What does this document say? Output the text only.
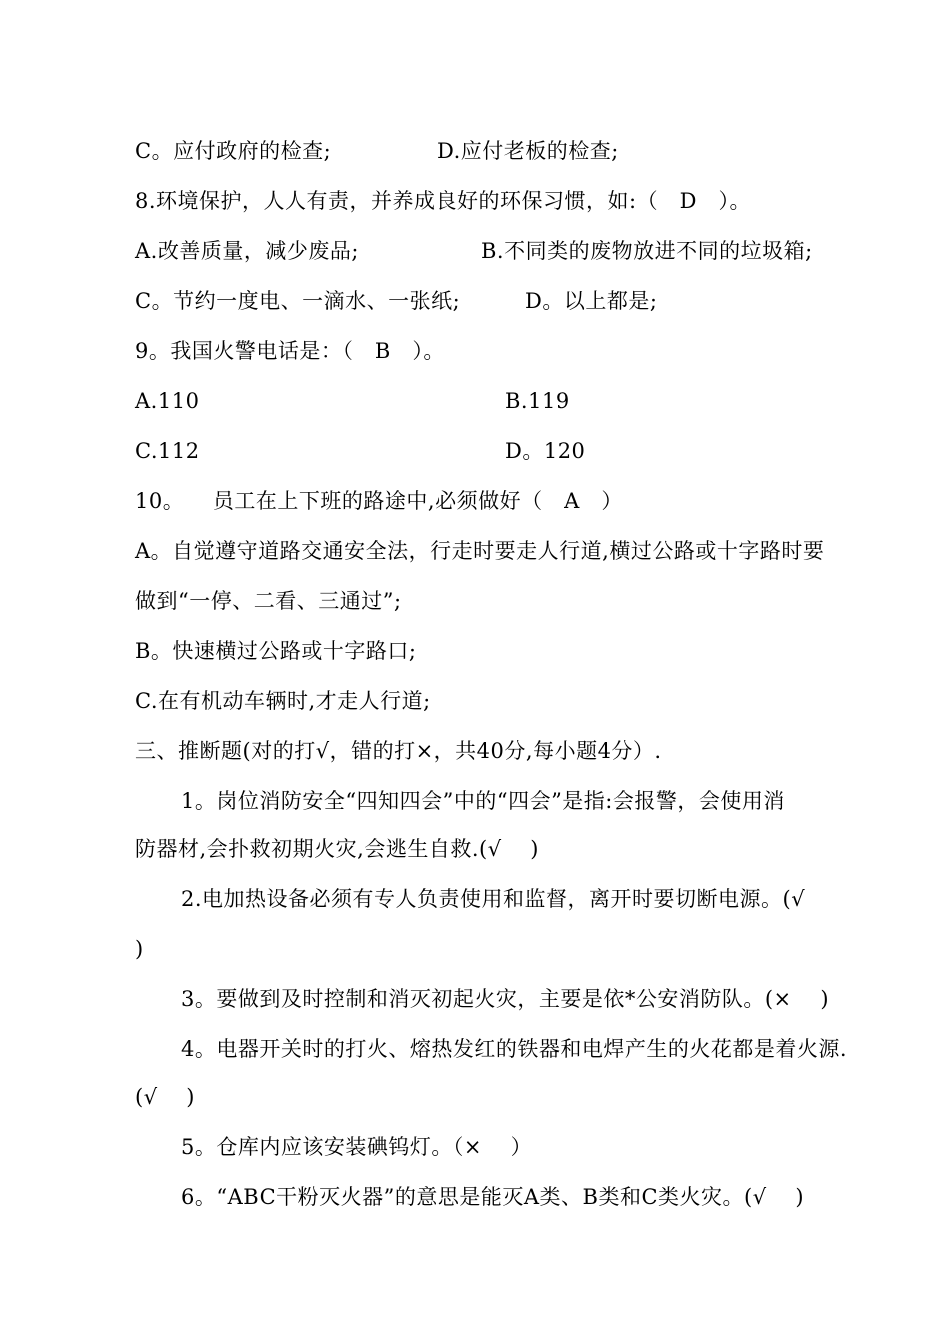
C。应付政府的检查;	D.应付老板的检查;
8.环境保护，人人有责，并养成良好的环保习惯，如:（   D   ）。
A.改善质量，减少废品;	B.不同类的废物放进不同的垃圾箱;
C。节约一度电、一滴水、一张纸;	D。以上都是;
9。我国火警电话是：（   B   ）。
A.110	B.119
C.112	D。120
10。    员工在上下班的路途中,必须做好（   A   ）
A。自觉遵守道路交通安全法，行走时要走人行道,横过公路或十字路时要
做到“一停、二看、三通过”;
B。快速横过公路或十字路口;
C.在有机动车辆时,才走人行道;
三、推断题(对的打√，错的打×，共40分,每小题4分）.
1。岗位消防安全“四知四会”中的“四会”是指:会报警，会使用消
防器材,会扑救初期火灾,会逃生自救.(√    )
2.电加热设备必须有专人负责使用和监督，离开时要切断电源。(√
)
3。要做到及时控制和消灭初起火灾，主要是依*公安消防队。(×    )
4。电器开关时的打火、熔热发红的铁器和电焊产生的火花都是着火源.
(√    )
5。仓库内应该安装碘钨灯。（×    ）
6。“ABC干粉灭火器”的意思是能灭A类、B类和C类火灾。(√    )
